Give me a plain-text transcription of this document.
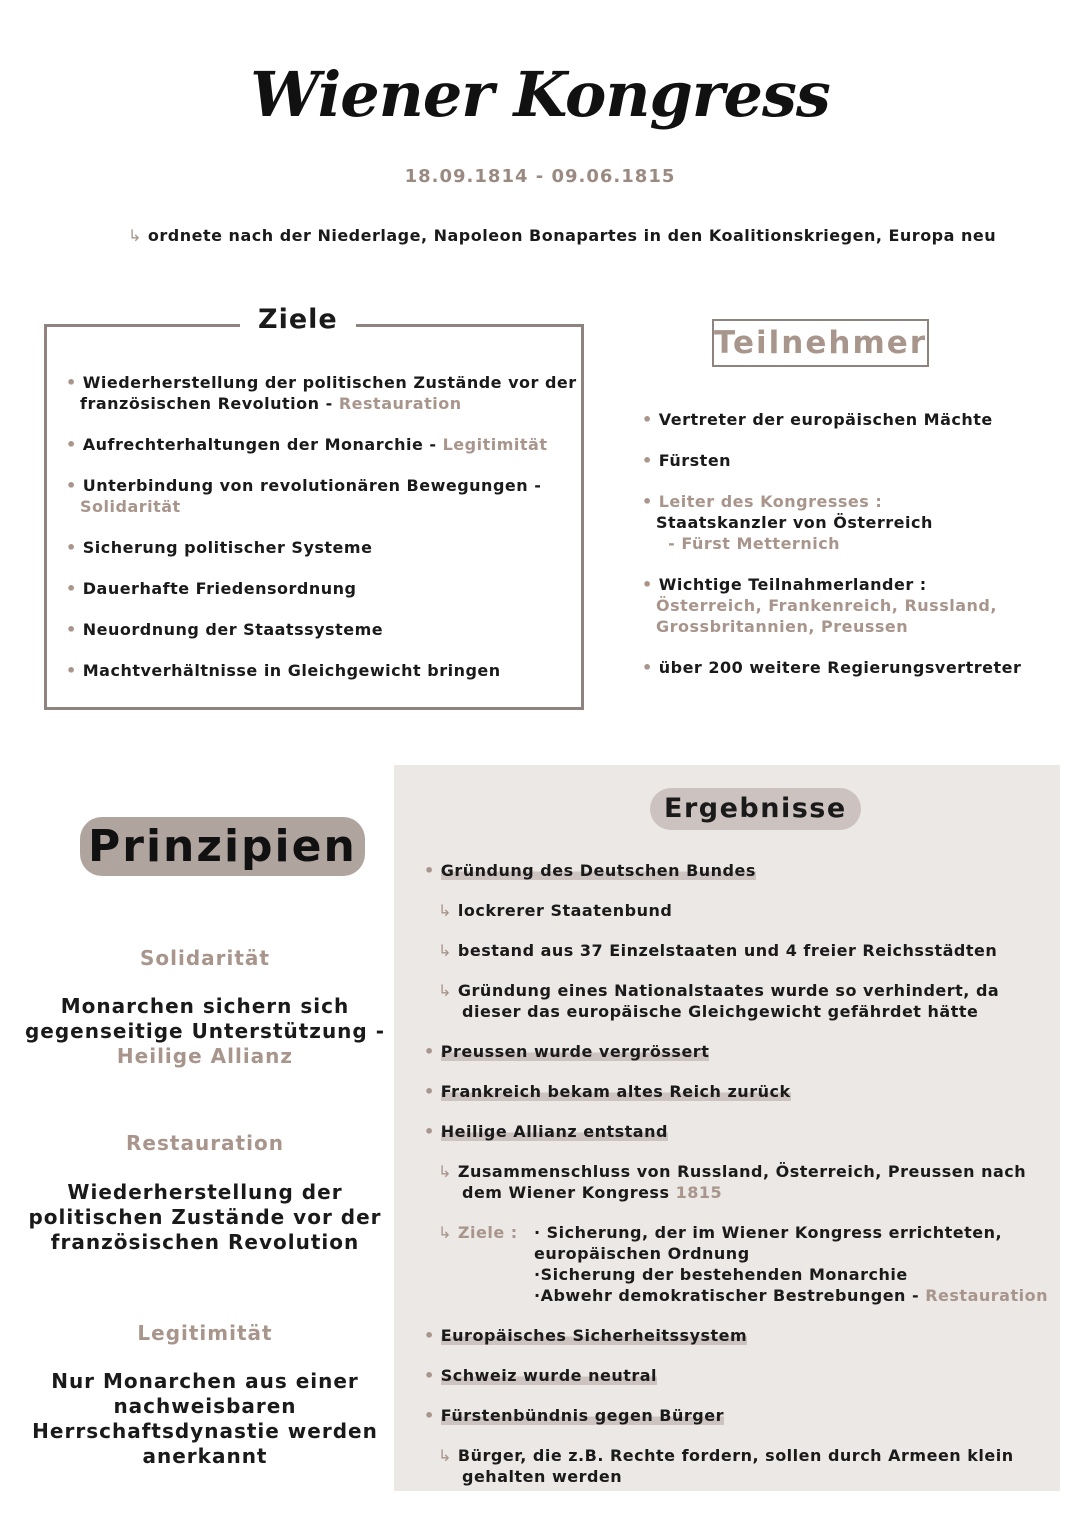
Wiener Kongress
18.09.1814 - 09.06.1815
↳ ordnete nach der Niederlage, Napoleon Bonapartes in den Koalitionskriegen, Europa neu
Ziele
• Wiederherstellung der politischen Zustände vor der französischen Revolution - Restauration
• Aufrechterhaltungen der Monarchie - Legitimität
• Unterbindung von revolutionären Bewegungen -
Solidarität
• Sicherung politischer Systeme
• Dauerhafte Friedensordnung
• Neuordnung der Staatssysteme
• Machtverhältnisse in Gleichgewicht bringen
Teilnehmer
• Vertreter der europäischen Mächte
• Fürsten
• Leiter des Kongresses :
Staatskanzler von Österreich
- Fürst Metternich
• Wichtige Teilnahmerlander :
Österreich, Frankenreich, Russland, Grossbritannien, Preussen
• über 200 weitere Regierungsvertreter
Prinzipien
Solidarität
Monarchen sichern sich gegenseitige Unterstützung -
Heilige Allianz
Restauration
Wiederherstellung der politischen Zustände vor der französischen Revolution
Legitimität
Nur Monarchen aus einer nachweisbaren Herrschaftsdynastie werden anerkannt
Ergebnisse
• Gründung des Deutschen Bundes
↳ lockrerer Staatenbund
↳ bestand aus 37 Einzelstaaten und 4 freier Reichsstädten
↳ Gründung eines Nationalstaates wurde so verhindert, da dieser das europäische Gleichgewicht gefährdet hätte
• Preussen wurde vergrössert
• Frankreich bekam altes Reich zurück
• Heilige Allianz entstand
↳ Zusammenschluss von Russland, Österreich, Preussen nach dem Wiener Kongress 1815
↳ Ziele :	· Sicherung, der im Wiener Kongress errichteten, europäischen Ordnung
·Sicherung der bestehenden Monarchie
·Abwehr demokratischer Bestrebungen - Restauration
• Europäisches Sicherheitssystem
• Schweiz wurde neutral
• Fürstenbündnis gegen Bürger
↳ Bürger, die z.B. Rechte fordern, sollen durch Armeen klein gehalten werden
